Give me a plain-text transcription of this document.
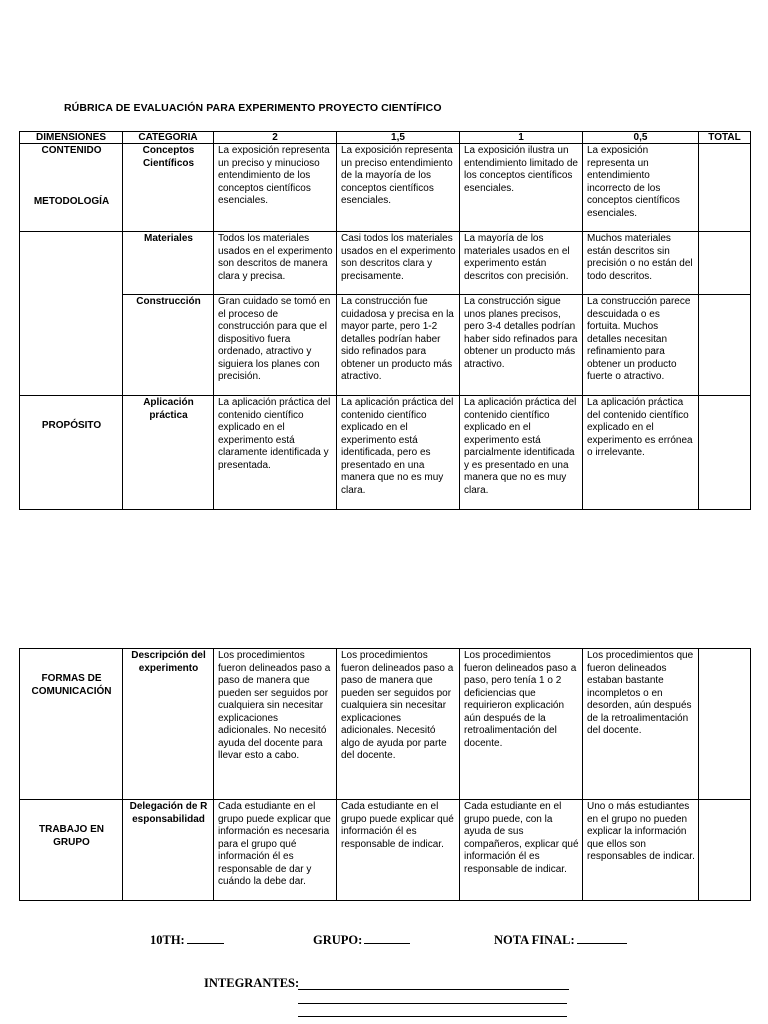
RÚBRICA DE EVALUACIÓN PARA EXPERIMENTO PROYECTO CIENTÍFICO
DIMENSIONES	CATEGORIA	2	1,5	1	0,5	TOTAL
CONTENIDO	Conceptos Científicos	La exposición representa un preciso y minucioso entendimiento de los conceptos científicos esenciales.	La exposición representa un preciso entendimiento de la mayoría de los conceptos científicos esenciales.	La exposición ilustra un entendimiento limitado de los conceptos científicos esenciales.	La exposición representa un entendimiento incorrecto de los conceptos científicos esenciales.	

METODOLOGÍA	Materiales	Todos los materiales usados en el experimento son descritos de manera clara y precisa.	Casi todos los materiales usados en el experimento son descritos clara y precisamente.	La mayoría de los materiales usados en el experimento están descritos con precisión.	Muchos materiales están descritos sin precisión o no están del todo descritos.	
	Construcción	Gran cuidado se tomó en el proceso de construcción para que el dispositivo fuera ordenado, atractivo y siguiera los planes con precisión.	La construcción fue cuidadosa y precisa en la mayor parte, pero 1-2 detalles podrían haber sido refinados para obtener un producto más atractivo.	La construcción sigue unos planes precisos, pero 3-4 detalles podrían haber sido refinados para obtener un producto más atractivo.	La construcción parece descuidada o es fortuita. Muchos detalles necesitan refinamiento para obtener un producto fuerte o atractivo.	
PROPÓSITO	Aplicación práctica	La aplicación práctica del contenido científico explicado en el experimento está claramente identificada y presentada.	La aplicación práctica del contenido científico explicado en el experimento está identificada, pero es presentado en una manera que no es muy clara.	La aplicación práctica del contenido científico explicado en el experimento está parcialmente identificada y es presentado en una manera que no es muy clara.	La aplicación práctica del contenido científico explicado en el experimento es errónea o irrelevante.	
FORMAS DE COMUNICACIÓN	Descripción del experimento	Los procedimientos fueron delineados paso a paso de manera que pueden ser seguidos por cualquiera sin necesitar explicaciones adicionales. No necesitó ayuda del docente para llevar esto a cabo.	Los procedimientos fueron delineados paso a paso de manera que pueden ser seguidos por cualquiera sin necesitar explicaciones adicionales. Necesitó algo de ayuda por parte del docente.	Los procedimientos fueron delineados paso a paso, pero tenía 1 o 2 deficiencias que requirieron explicación aún después de la retroalimentación del docente.	Los procedimientos que fueron delineados estaban bastante incompletos o en desorden, aún después de la retroalimentación del docente.	
TRABAJO EN GRUPO	Delegación de Responsabilidad	Cada estudiante en el grupo puede explicar que información es necesaria para el grupo qué información él es responsable de dar y cuándo la debe dar.	Cada estudiante en el grupo puede explicar qué información él es responsable de indicar.	Cada estudiante en el grupo puede, con la ayuda de sus compañeros, explicar qué información él es responsable de indicar.	Uno o más estudiantes en el grupo no pueden explicar la información que ellos son responsables de indicar.	
10TH:	GRUPO:	NOTA FINAL:
INTEGRANTES:
